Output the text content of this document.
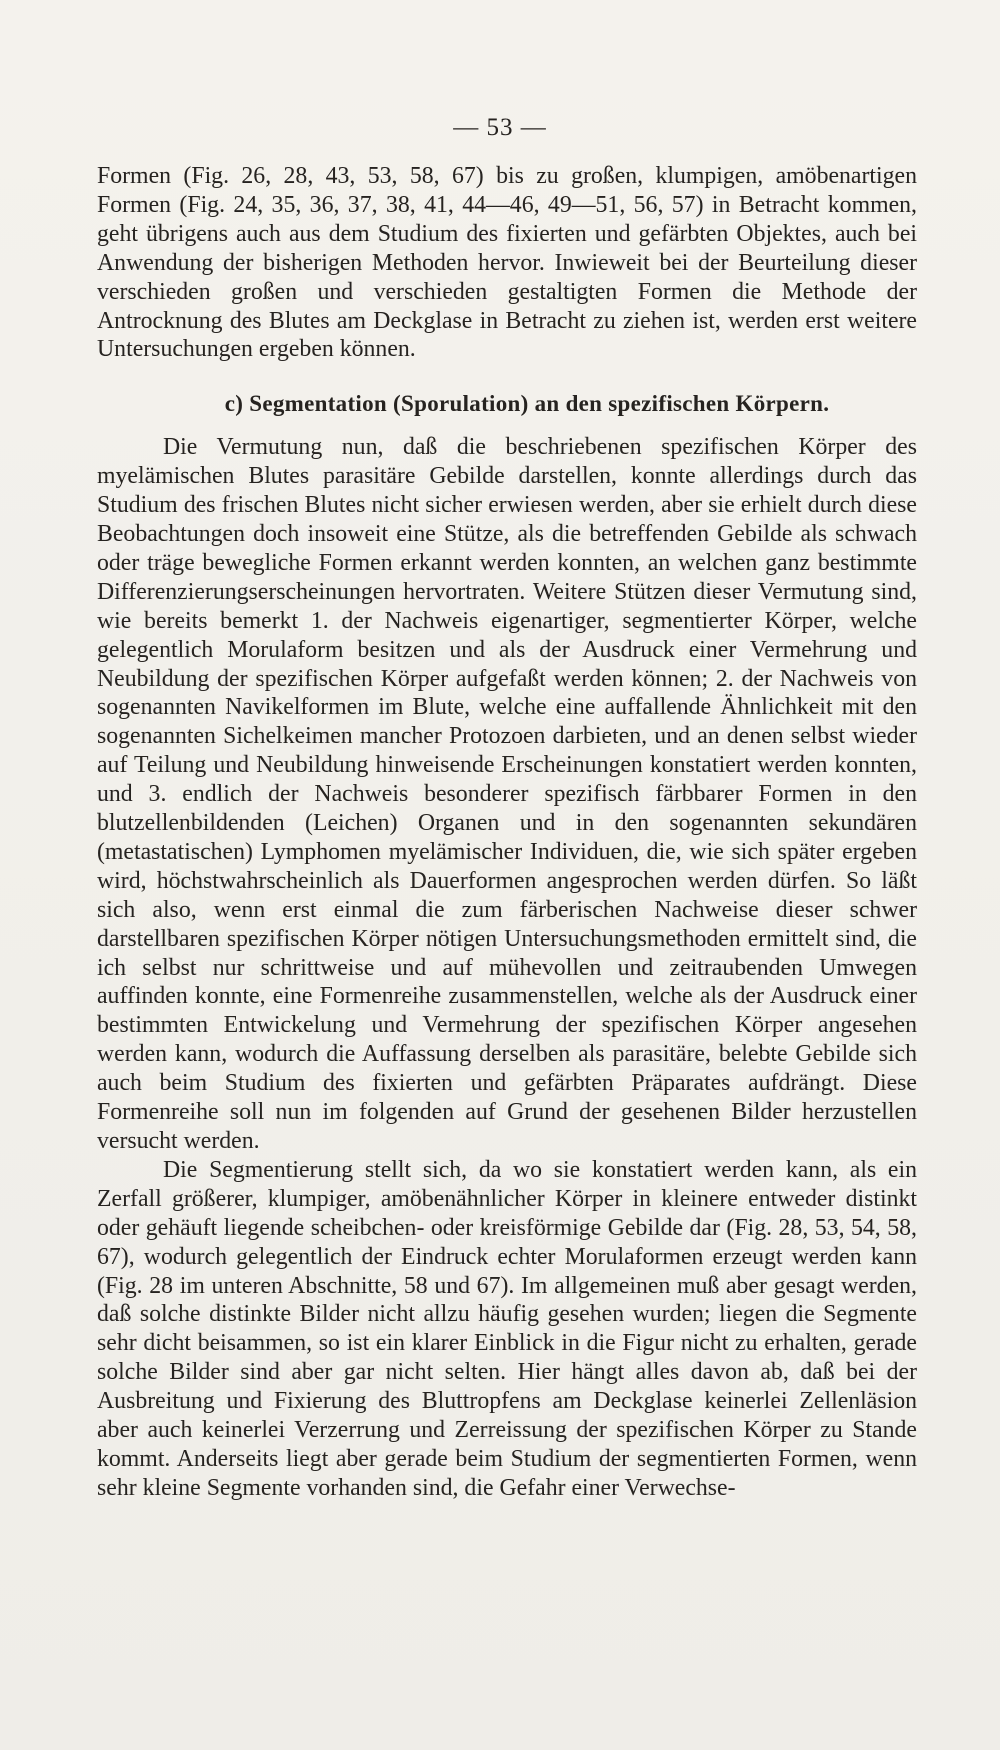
— 53 —

Formen (Fig. 26, 28, 43, 53, 58, 67) bis zu großen, klumpigen, amöbenartigen Formen (Fig. 24, 35, 36, 37, 38, 41, 44—46, 49—51, 56, 57) in Betracht kommen, geht übrigens auch aus dem Studium des fixierten und gefärbten Objektes, auch bei Anwendung der bisherigen Methoden hervor. Inwieweit bei der Beurteilung dieser verschieden großen und verschieden gestaltigten Formen die Methode der Antrocknung des Blutes am Deckglase in Betracht zu ziehen ist, werden erst weitere Untersuchungen ergeben können.

c) Segmentation (Sporulation) an den spezifischen Körpern.

Die Vermutung nun, daß die beschriebenen spezifischen Körper des myelämischen Blutes parasitäre Gebilde darstellen, konnte allerdings durch das Studium des frischen Blutes nicht sicher erwiesen werden, aber sie erhielt durch diese Beobachtungen doch insoweit eine Stütze, als die betreffenden Gebilde als schwach oder träge bewegliche Formen erkannt werden konnten, an welchen ganz bestimmte Differenzierungserscheinungen hervortraten. Weitere Stützen dieser Vermutung sind, wie bereits bemerkt 1. der Nachweis eigenartiger, segmentierter Körper, welche gelegentlich Morulaform besitzen und als der Ausdruck einer Vermehrung und Neubildung der spezifischen Körper aufgefaßt werden können; 2. der Nachweis von sogenannten Navikelformen im Blute, welche eine auffallende Ähnlichkeit mit den sogenannten Sichelkeimen mancher Protozoen darbieten, und an denen selbst wieder auf Teilung und Neubildung hinweisende Erscheinungen konstatiert werden konnten, und 3. endlich der Nachweis besonderer spezifisch färbbarer Formen in den blutzellenbildenden (Leichen) Organen und in den sogenannten sekundären (metastatischen) Lymphomen myelämischer Individuen, die, wie sich später ergeben wird, höchstwahrscheinlich als Dauerformen angesprochen werden dürfen. So läßt sich also, wenn erst einmal die zum färberischen Nachweise dieser schwer darstellbaren spezifischen Körper nötigen Untersuchungsmethoden ermittelt sind, die ich selbst nur schrittweise und auf mühevollen und zeitraubenden Umwegen auffinden konnte, eine Formenreihe zusammenstellen, welche als der Ausdruck einer bestimmten Entwickelung und Vermehrung der spezifischen Körper angesehen werden kann, wodurch die Auffassung derselben als parasitäre, belebte Gebilde sich auch beim Studium des fixierten und gefärbten Präparates aufdrängt. Diese Formenreihe soll nun im folgenden auf Grund der gesehenen Bilder herzustellen versucht werden.

Die Segmentierung stellt sich, da wo sie konstatiert werden kann, als ein Zerfall größerer, klumpiger, amöbenähnlicher Körper in kleinere entweder distinkt oder gehäuft liegende scheibchen- oder kreisförmige Gebilde dar (Fig. 28, 53, 54, 58, 67), wodurch gelegentlich der Eindruck echter Morulaformen erzeugt werden kann (Fig. 28 im unteren Abschnitte, 58 und 67). Im allgemeinen muß aber gesagt werden, daß solche distinkte Bilder nicht allzu häufig gesehen wurden; liegen die Segmente sehr dicht beisammen, so ist ein klarer Einblick in die Figur nicht zu erhalten, gerade solche Bilder sind aber gar nicht selten. Hier hängt alles davon ab, daß bei der Ausbreitung und Fixierung des Bluttropfens am Deckglase keinerlei Zellenläsion aber auch keinerlei Verzerrung und Zerreissung der spezifischen Körper zu Stande kommt. Anderseits liegt aber gerade beim Studium der segmentierten Formen, wenn sehr kleine Segmente vorhanden sind, die Gefahr einer Verwechse-
